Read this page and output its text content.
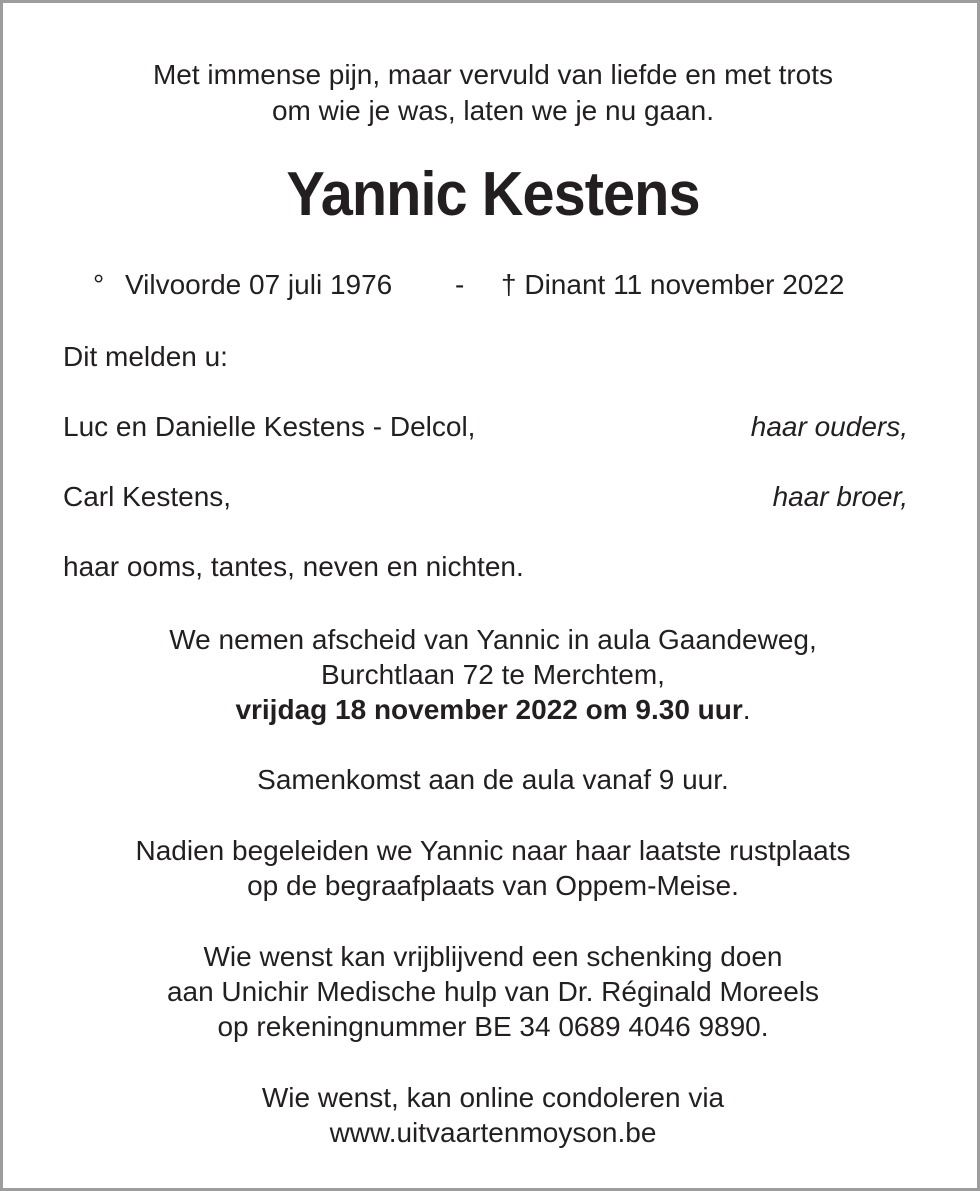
Met immense pijn, maar vervuld van liefde en met trots
om wie je was, laten we je nu gaan.
Yannic Kestens
° Vilvoorde 07 juli 1976 - † Dinant 11 november 2022
Dit melden u:
Luc en Danielle Kestens - Delcol,	haar ouders,
Carl Kestens,	haar broer,
haar ooms, tantes, neven en nichten.
We nemen afscheid van Yannic in aula Gaandeweg,
Burchtlaan 72 te Merchtem,
vrijdag 18 november 2022 om 9.30 uur.
Samenkomst aan de aula vanaf 9 uur.
Nadien begeleiden we Yannic naar haar laatste rustplaats
op de begraafplaats van Oppem-Meise.
Wie wenst kan vrijblijvend een schenking doen
aan Unichir Medische hulp van Dr. Réginald Moreels
op rekeningnummer BE 34 0689 4046 9890.
Wie wenst, kan online condoleren via
www.uitvaartenmoyson.be
